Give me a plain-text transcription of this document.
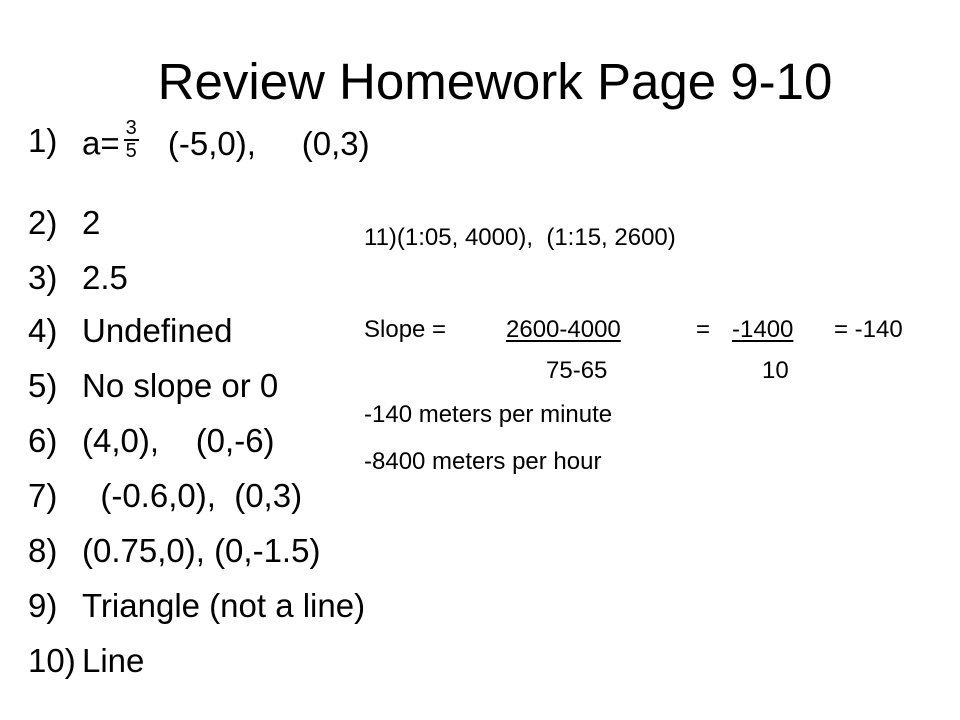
Review Homework Page 9-10
1) $a= \frac{3}{5} (-5,0)$,     (0,3)
2) 2
3) 2.5
4) Undefined
5) No slope or 0
6) (4,0),    (0,-6)
7) (-0.6,0),  (0,3)
8) (0.75,0), (0,-1.5)
9) Triangle (not a line)
10) Line
11)(1:05, 4000),  (1:15, 2600)
Slope = 2600-4000	= -1400 = -140
75-65	10
-140 meters per minute
-8400 meters per hour
